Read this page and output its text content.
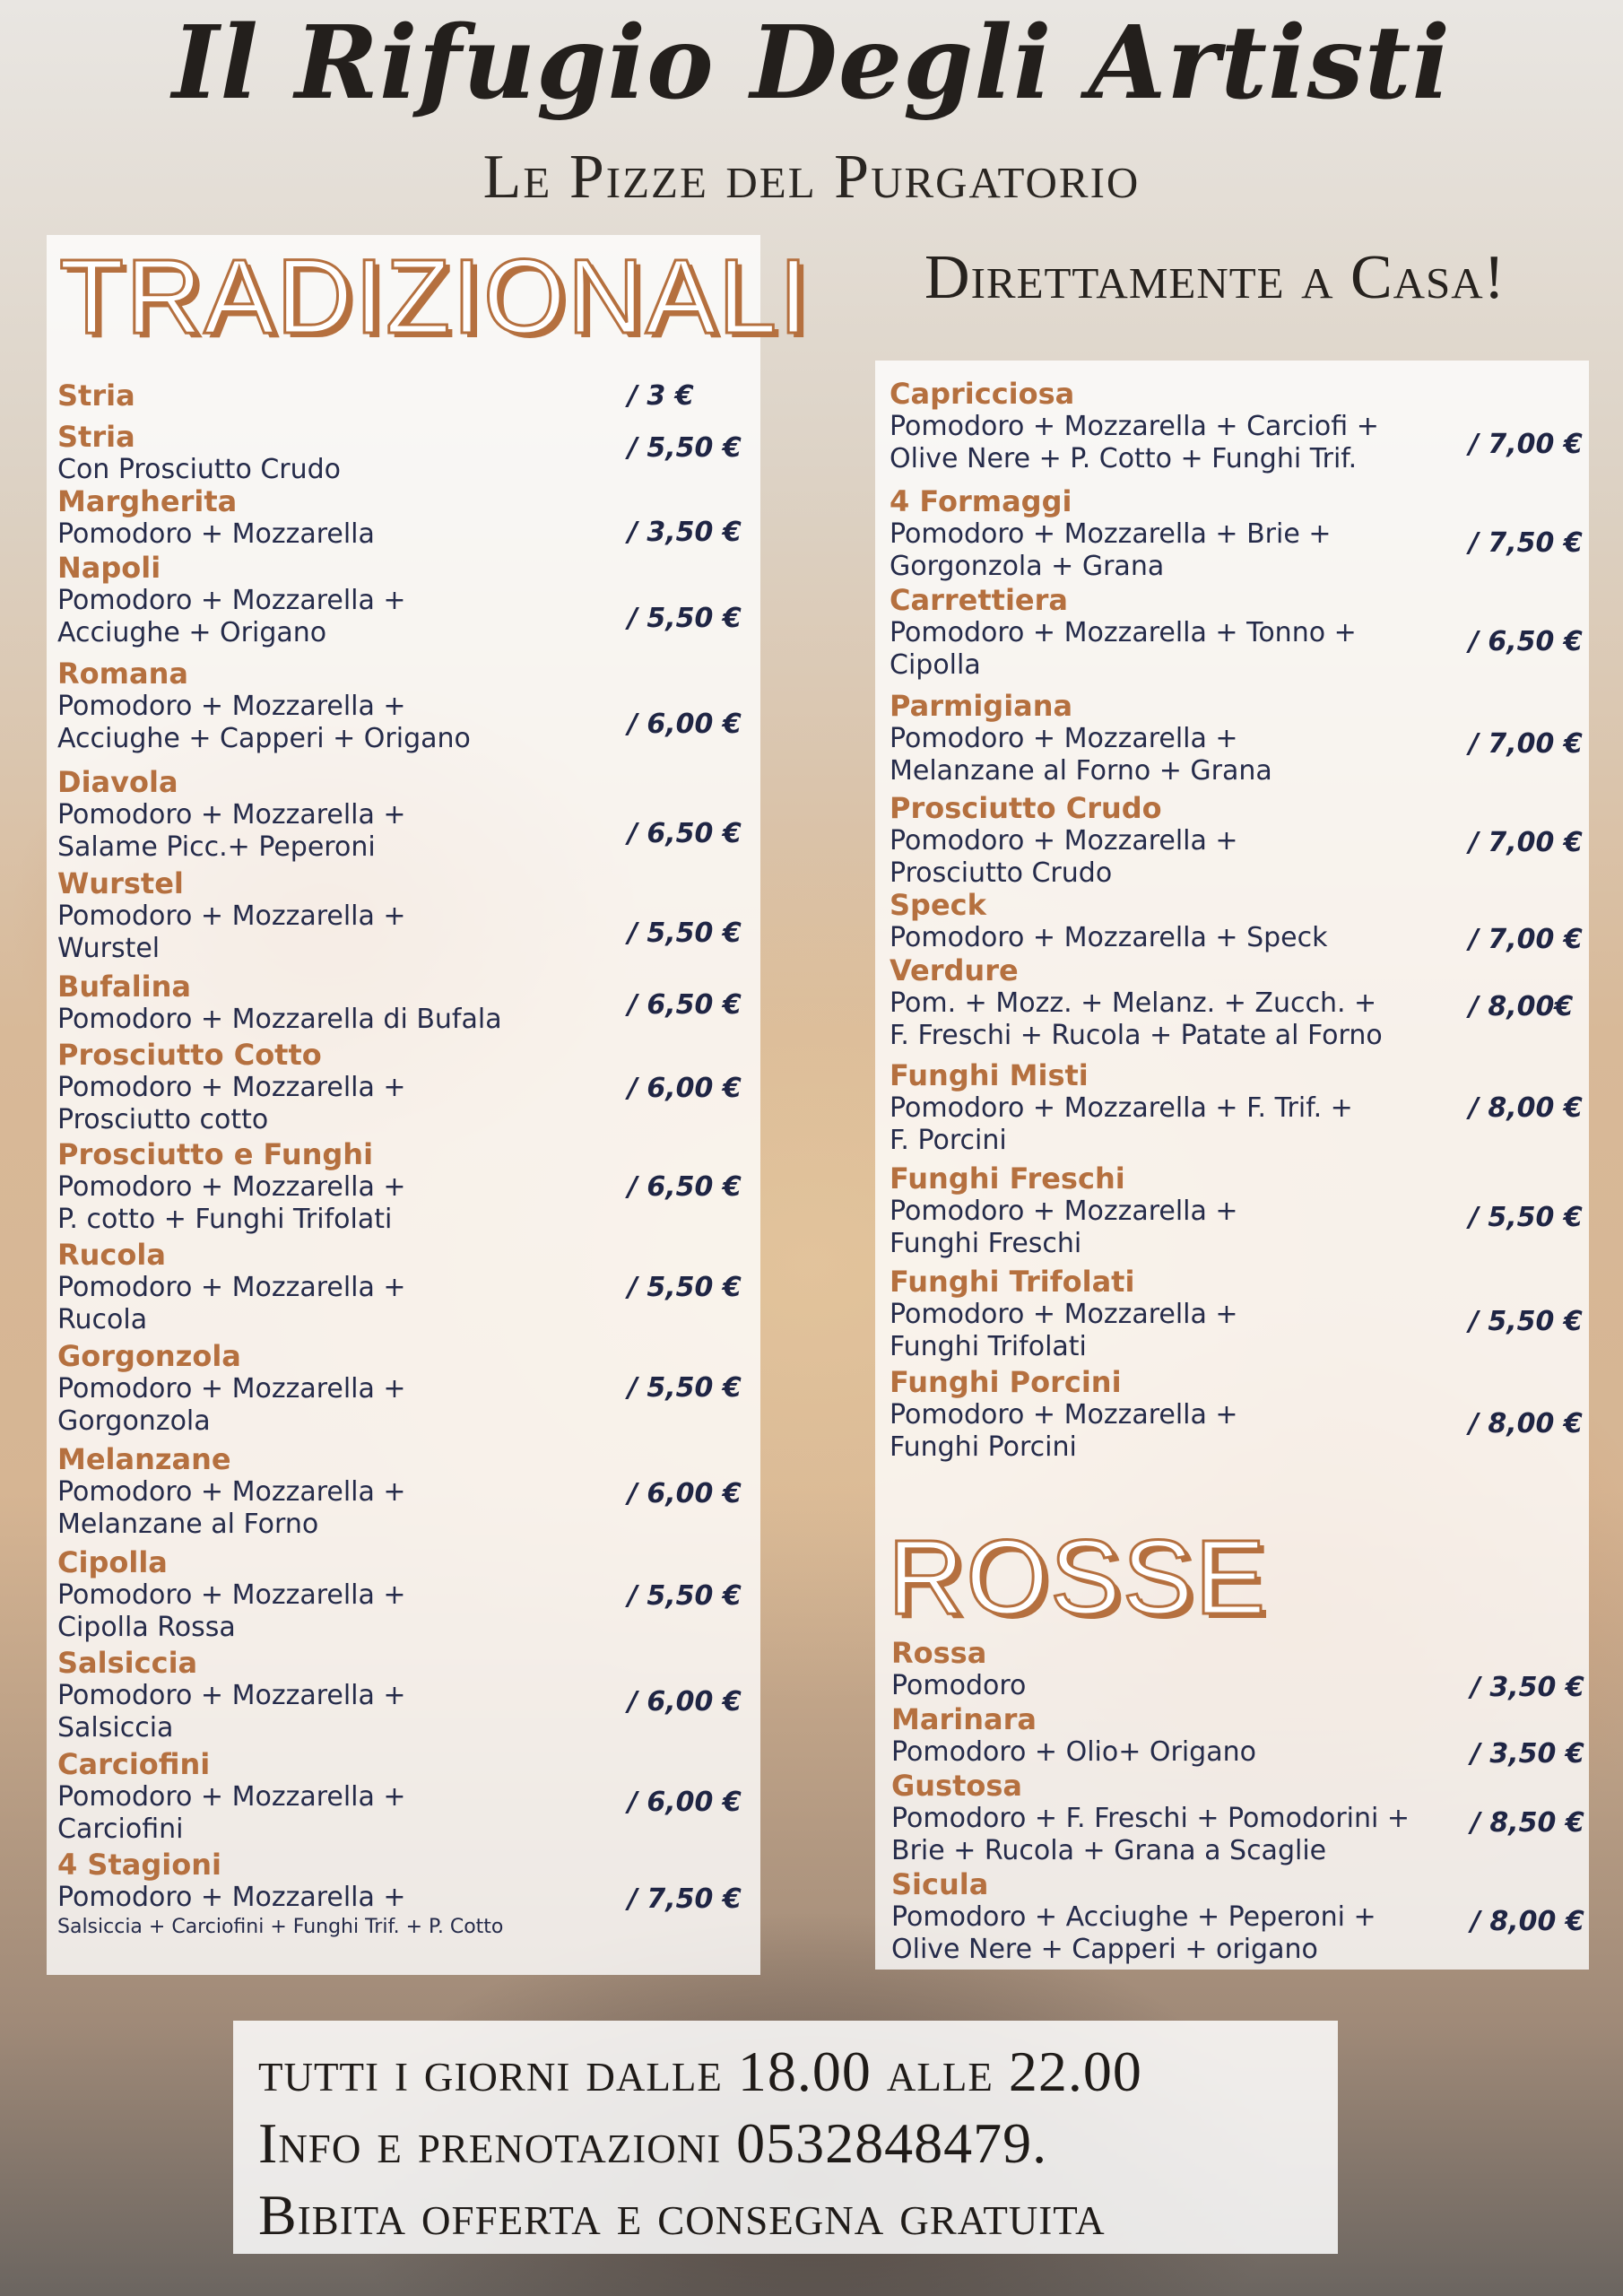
Il Rifugio Degli Artisti
Le Pizze del Purgatorio
Direttamente a Casa!
TRADIZIONALI
ROSSE
Stria	/ 3 €
Stria
Con Prosciutto Crudo
/ 5,50 €
Margherita
Pomodoro + Mozzarella	/ 3,50 €
Napoli
Pomodoro + Mozzarella +
Acciughe + Origano	/ 5,50 €
Romana
Pomodoro + Mozzarella +
Acciughe + Capperi + Origano	/ 6,00 €
Diavola
Pomodoro + Mozzarella +
Salame Picc.+ Peperoni	/ 6,50 €
Wurstel
Pomodoro + Mozzarella +
Wurstel	/ 5,50 €
Bufalina
Pomodoro + Mozzarella di Bufala	/ 6,50 €
Prosciutto Cotto
Pomodoro + Mozzarella +
Prosciutto cotto
/ 6,00 €
Prosciutto e Funghi
Pomodoro + Mozzarella +
P. cotto + Funghi Trifolati
/ 6,50 €
Rucola
Pomodoro + Mozzarella +
Rucola
/ 5,50 €
Gorgonzola
Pomodoro + Mozzarella +
Gorgonzola
/ 5,50 €
Melanzane
Pomodoro + Mozzarella +
Melanzane al Forno
/ 6,00 €
Cipolla
Pomodoro + Mozzarella +
Cipolla Rossa
/ 5,50 €
Salsiccia
Pomodoro + Mozzarella +
Salsiccia
/ 6,00 €
Carciofini
Pomodoro + Mozzarella +
Carciofini
/ 6,00 €
4 Stagioni
Pomodoro + Mozzarella +
Salsiccia + Carciofini + Funghi Trif. + P. Cotto
/ 7,50 €
Capricciosa
Pomodoro + Mozzarella + Carciofi +
Olive Nere + P. Cotto + Funghi Trif.	/ 7,00 €
4 Formaggi
Pomodoro + Mozzarella + Brie +
Gorgonzola + Grana
/ 7,50 €
Carrettiera
Pomodoro + Mozzarella + Tonno +
Cipolla
/ 6,50 €
Parmigiana
Pomodoro + Mozzarella +
Melanzane al Forno + Grana
/ 7,00 €
Prosciutto Crudo
Pomodoro + Mozzarella +
Prosciutto Crudo
/ 7,00 €
Speck
Pomodoro + Mozzarella + Speck	/ 7,00 €
Verdure
Pom. + Mozz. + Melanz. + Zucch. +
F. Freschi + Rucola + Patate al Forno
/ 8,00€
Funghi Misti
Pomodoro + Mozzarella + F. Trif. +
F. Porcini
/ 8,00 €
Funghi Freschi
Pomodoro + Mozzarella +
Funghi Freschi
/ 5,50 €
Funghi Trifolati
Pomodoro + Mozzarella +
Funghi Trifolati
/ 5,50 €
Funghi Porcini
Pomodoro + Mozzarella +
Funghi Porcini
/ 8,00 €
Rossa
Pomodoro	/ 3,50 €
Marinara
Pomodoro + Olio+ Origano	/ 3,50 €
Gustosa
Pomodoro + F. Freschi + Pomodorini +
Brie + Rucola + Grana a Scaglie
/ 8,50 €
Sicula
Pomodoro + Acciughe + Peperoni +
Olive Nere + Capperi + origano
/ 8,00 €
tutti i giorni dalle 18.00 alle 22.00
Info e prenotazioni 0532848479.
Bibita offerta e consegna gratuita
